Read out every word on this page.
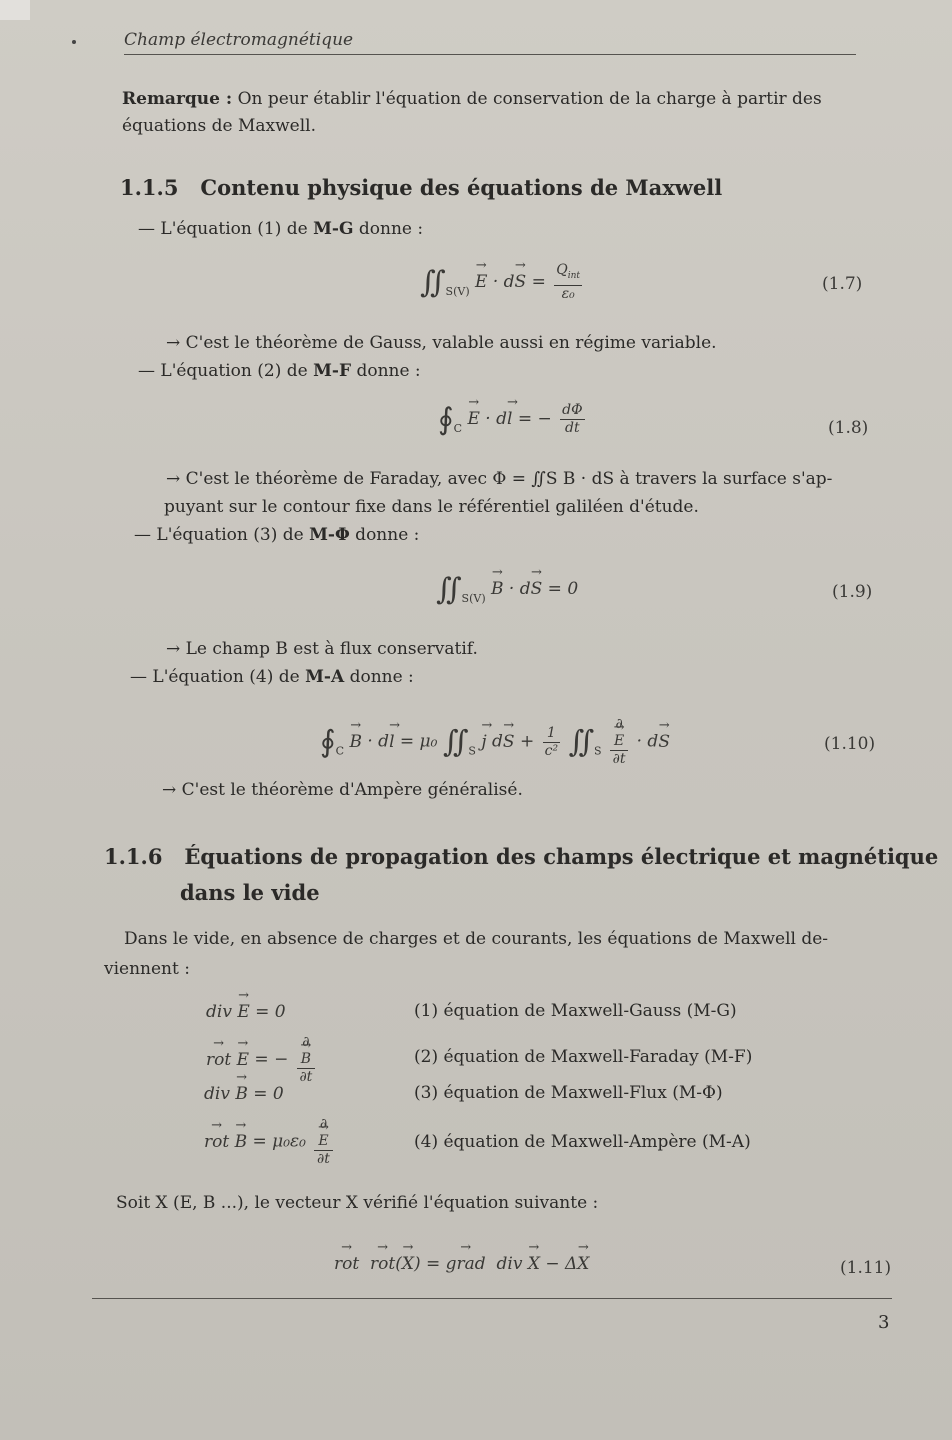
Champ électromagnétique
Remarque : On peur établir l'équation de conservation de la charge à partir des équations de Maxwell.
1.1.5 Contenu physique des équations de Maxwell
— L'équation (1) de M-G donne :
$∬_{S(V)} \to E \cdot d\to S = \frac{Q_{int}}{\text{ε₀}}$	(1.7)
→ C'est le théorème de Gauss, valable aussi en régime variable.
— L'équation (2) de M-F donne :
$∮_C \to E \cdot d\to l$ = − $\frac{d\Phi}{dt}$	(1.8)
→ C'est le théorème de Faraday, avec Φ = ∬S B · dS à travers la surface s'ap-
puyant sur le contour fixe dans le référentiel galiléen d'étude.
— L'équation (3) de M-Φ donne :
$∬_{S(V)} \to B \cdot d\to S = 0$	(1.9)
→ Le champ B est à flux conservatif.
— L'équation (4) de M-A donne :
$∮_C \to B \cdot d\to l = \mu_0$ $∬_S \to j$ $d\to S + \frac{1}{\text{c²}}$ $∬_S$ ∂
→ E
∂t · d→ S	(1.10)
→ C'est le théorème d'Ampère généralisé.
1.1.6 Équations de propagation des champs électrique et magnétique
dans le vide
Dans le vide, en absence de charges et de courants, les équations de Maxwell de-
viennent :
div → E = 0	(1) équation de Maxwell-Gauss (M-G)
→ rot → E = − ∂
→ B
∂t	(2) équation de Maxwell-Faraday (M-F)
div → B = 0	(3) équation de Maxwell-Flux (M-Φ)
→ rot → B = μ₀ε₀ ∂
→ E
∂t	(4) équation de Maxwell-Ampère (M-A)
Soit X (E, B ...), le vecteur X vérifié l'équation suivante :
→ rot → rot(→ X) = → grad  div → X − Δ→ X	(1.11)
3
